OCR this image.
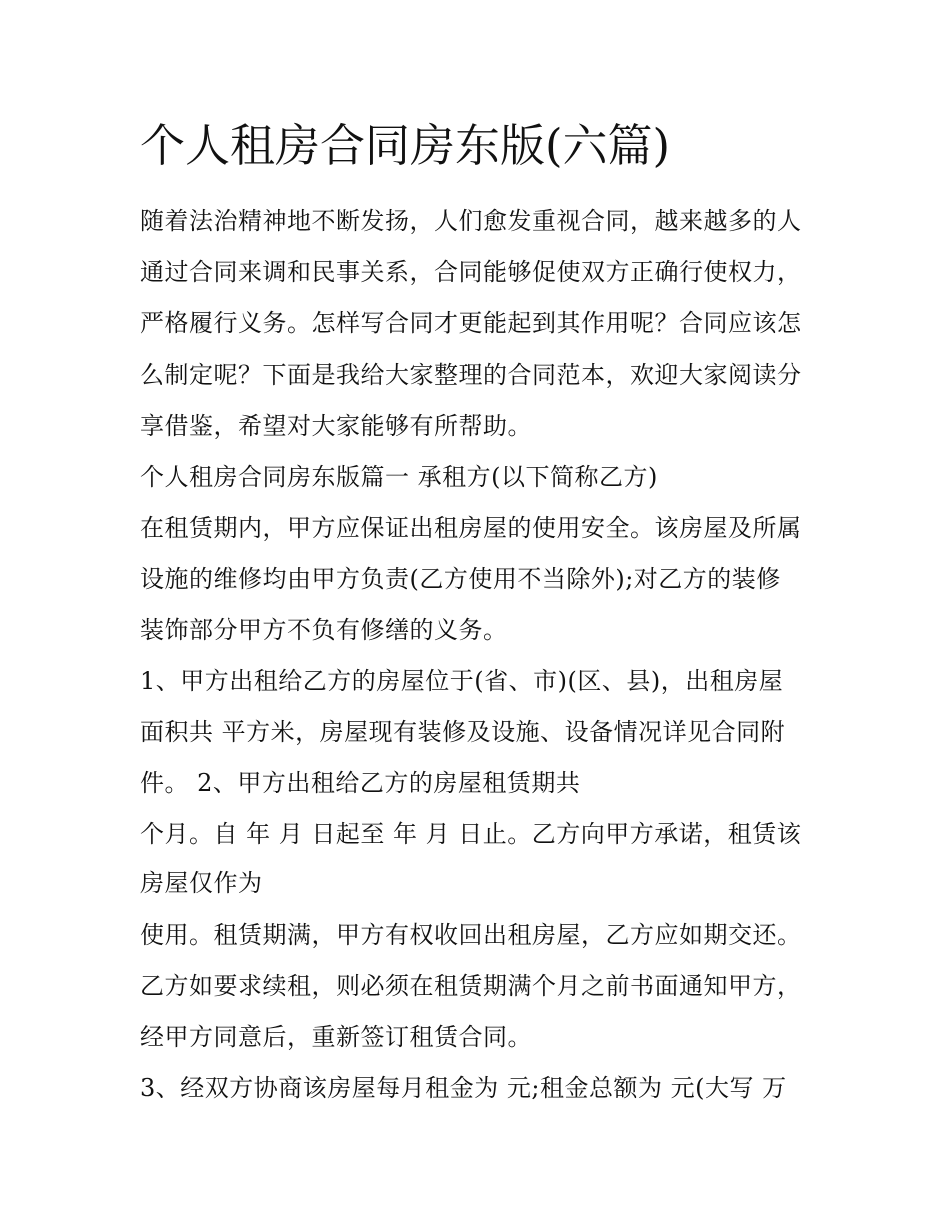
个人租房合同房东版(六篇)
随着法治精神地不断发扬，人们愈发重视合同，越来越多的人
通过合同来调和民事关系，合同能够促使双方正确行使权力，
严格履行义务。怎样写合同才更能起到其作用呢？合同应该怎
么制定呢？下面是我给大家整理的合同范本，欢迎大家阅读分
享借鉴，希望对大家能够有所帮助。
个人租房合同房东版篇一 承租方(以下简称乙方)
在租赁期内，甲方应保证出租房屋的使用安全。该房屋及所属
设施的维修均由甲方负责(乙方使用不当除外);对乙方的装修
装饰部分甲方不负有修缮的义务。
1、甲方出租给乙方的房屋位于(省、市)(区、县)，出租房屋
面积共 平方米，房屋现有装修及设施、设备情况详见合同附
件。 2、甲方出租给乙方的房屋租赁期共
个月。自 年 月 日起至 年 月 日止。乙方向甲方承诺，租赁该
房屋仅作为
使用。租赁期满，甲方有权收回出租房屋，乙方应如期交还。
乙方如要求续租，则必须在租赁期满个月之前书面通知甲方，
经甲方同意后，重新签订租赁合同。
3、经双方协商该房屋每月租金为 元;租金总额为 元(大写 万
